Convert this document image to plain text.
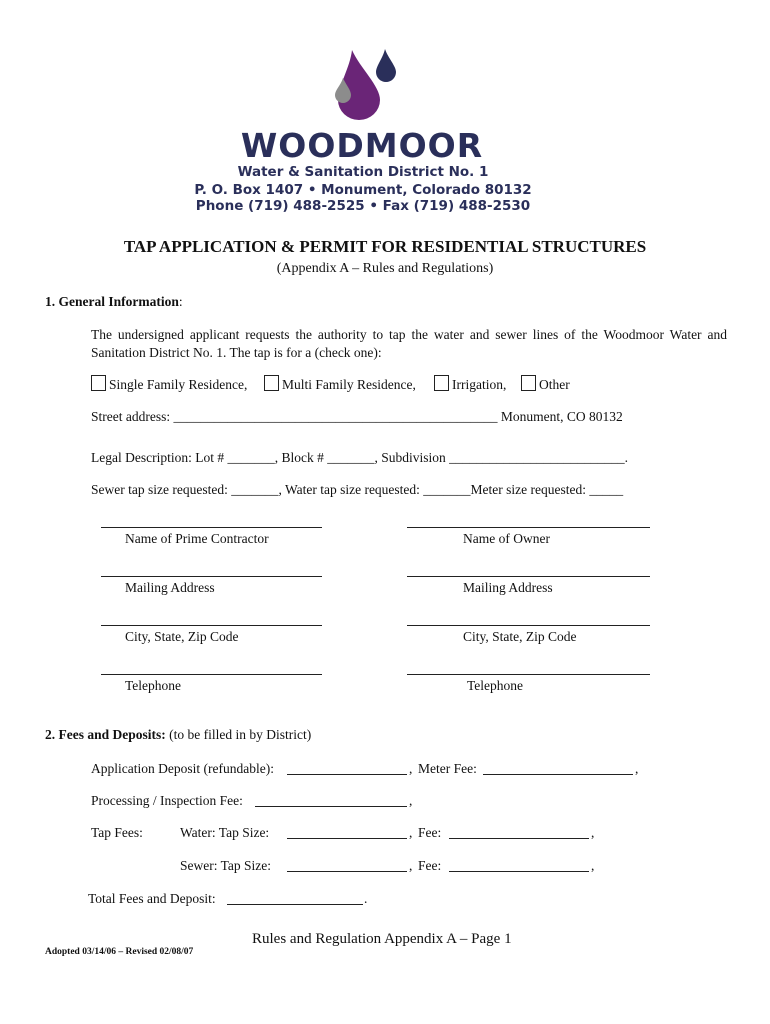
WOODMOOR
Water & Sanitation District No. 1
P. O. Box 1407 • Monument, Colorado 80132
Phone (719) 488-2525 • Fax (719) 488-2530
TAP APPLICATION & PERMIT FOR RESIDENTIAL STRUCTURES
(Appendix A – Rules and Regulations)
1. General Information:
The undersigned applicant requests the authority to tap the water and sewer lines of the Woodmoor Water and Sanitation District No. 1. The tap is for a (check one):
Single Family Residence,	Multi Family Residence,	Irrigation,	Other
Street address: ________________________________________________ Monument, CO 80132
Legal Description: Lot # _______, Block # _______, Subdivision __________________________.
Sewer tap size requested: _______, Water tap size requested: _______Meter size requested: _____
Name of Prime Contractor	Name of Owner
Mailing Address	Mailing Address
City, State, Zip Code	City, State, Zip Code
Telephone	Telephone
2. Fees and Deposits: (to be filled in by District)
Application Deposit (refundable):	, Meter Fee:	,
Processing / Inspection Fee:	,
Tap Fees:	Water: Tap Size:	, Fee:	,
Sewer: Tap Size:	, Fee:	,
Total Fees and Deposit:	.
Rules and Regulation Appendix A – Page 1
Adopted 03/14/06 – Revised 02/08/07
